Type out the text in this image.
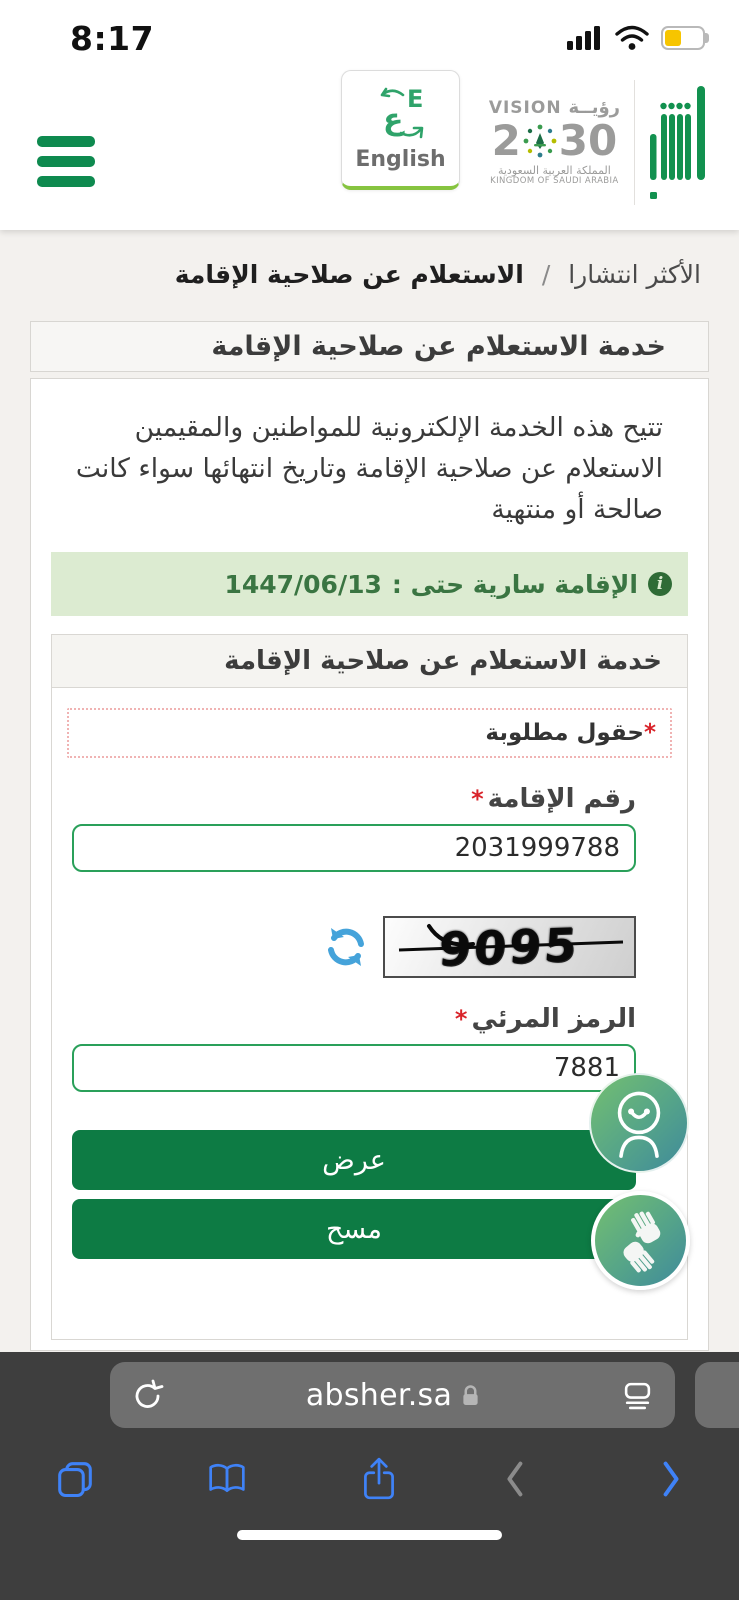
8:17
ع
E
English
VISION رؤيــة
2 30
المملكة العربية السعودية
KINGDOM OF SAUDI ARABIA
الأكثر انتشارا / الاستعلام عن صلاحية الإقامة
خدمة الاستعلام عن صلاحية الإقامة

تتيح هذه الخدمة الإلكترونية للمواطنين والمقيمين الاستعلام عن صلاحية الإقامة وتاريخ انتهائها سواء كانت صالحة أو منتهية

i
الإقامة سارية حتى :
1447/06/13
خدمة الاستعلام عن صلاحية الإقامة
*حقول مطلوبة
رقم الإقامة*
2031999788
9095
الرمز المرئي*
7881
عرض
مسح
absher.sa
